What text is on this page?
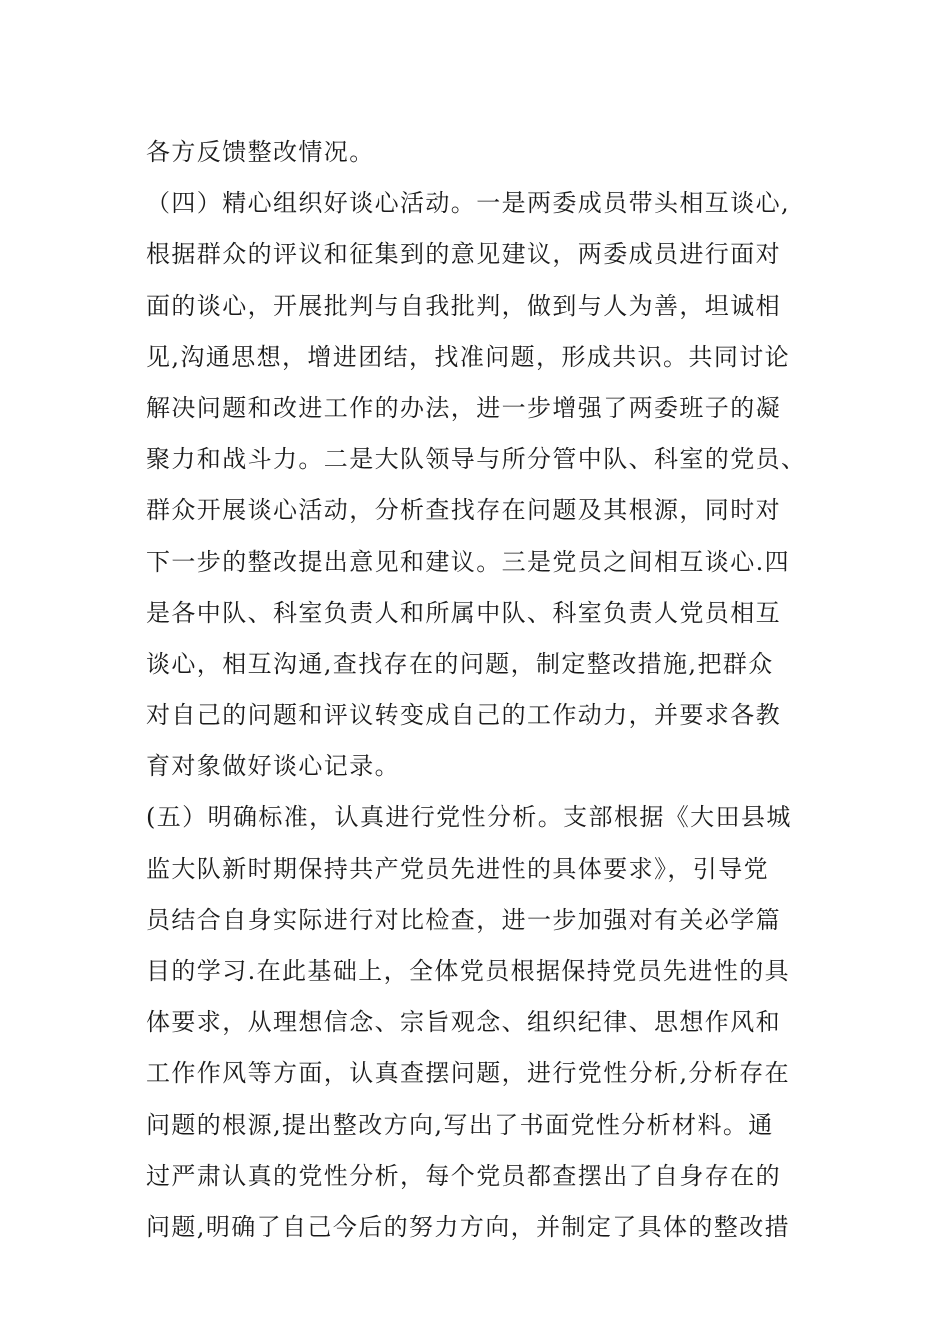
各方反馈整改情况。
（四）精心组织好谈心活动。一是两委成员带头相互谈心,
根据群众的评议和征集到的意见建议，两委成员进行面对
面的谈心，开展批判与自我批判，做到与人为善，坦诚相
见,沟通思想，增进团结，找准问题，形成共识。共同讨论
解决问题和改进工作的办法，进一步增强了两委班子的凝
聚力和战斗力。二是大队领导与所分管中队、科室的党员、
群众开展谈心活动，分析查找存在问题及其根源，同时对
下一步的整改提出意见和建议。三是党员之间相互谈心.四
是各中队、科室负责人和所属中队、科室负责人党员相互
谈心，相互沟通,查找存在的问题，制定整改措施,把群众
对自己的问题和评议转变成自己的工作动力，并要求各教
育对象做好谈心记录。
(五）明确标准，认真进行党性分析。支部根据《大田县城
监大队新时期保持共产党员先进性的具体要求》，引导党
员结合自身实际进行对比检查，进一步加强对有关必学篇
目的学习.在此基础上，全体党员根据保持党员先进性的具
体要求，从理想信念、宗旨观念、组织纪律、思想作风和
工作作风等方面，认真查摆问题，进行党性分析,分析存在
问题的根源,提出整改方向,写出了书面党性分析材料。通
过严肃认真的党性分析，每个党员都查摆出了自身存在的
问题,明确了自己今后的努力方向，并制定了具体的整改措
